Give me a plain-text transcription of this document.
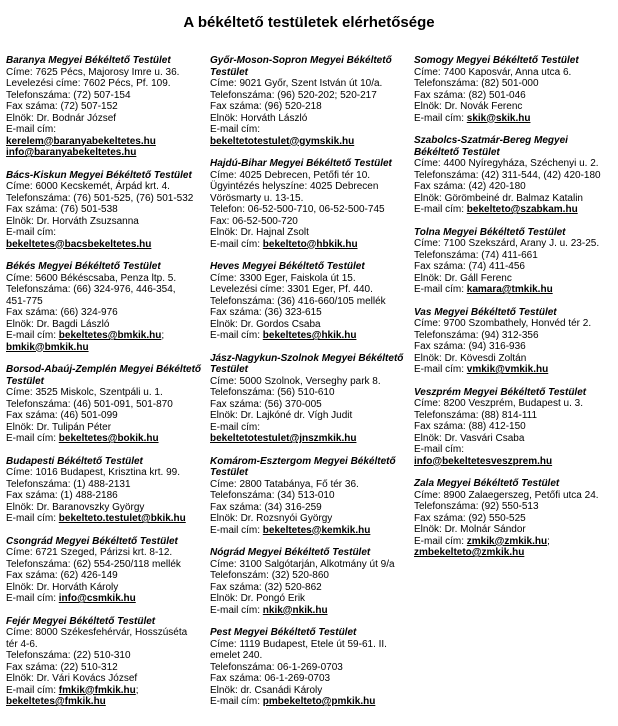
A békéltető testületek elérhetősége
Baranya Megyei Békéltető Testület
Címe: 7625 Pécs, Majorosy Imre u. 36.
Levelezési címe: 7602 Pécs, Pf. 109.
Telefonszáma: (72) 507-154
Fax száma: (72) 507-152
Elnök: Dr. Bodnár József
E-mail cím:
kerelem@baranyabekeltetes.hu
info@baranyabekeltetes.hu
Bács-Kiskun Megyei Békéltető Testület
Címe: 6000 Kecskemét, Árpád krt. 4.
Telefonszáma: (76) 501-525, (76) 501-532
Fax száma: (76) 501-538
Elnök: Dr. Horváth Zsuzsanna
E-mail cím:
bekeltetes@bacsbekeltetes.hu
Békés Megyei Békéltető Testület
Címe: 5600 Békéscsaba, Penza ltp. 5.
Telefonszáma: (66) 324-976, 446-354,
451-775
Fax száma: (66) 324-976
Elnök: Dr. Bagdi László
E-mail cím: bekeltetes@bmkik.hu;
bmkik@bmkik.hu
Borsod-Abaúj-Zemplén Megyei Békéltető Testület
Címe: 3525 Miskolc, Szentpáli u. 1.
Telefonszáma: (46) 501-091, 501-870
Fax száma: (46) 501-099
Elnök: Dr. Tulipán Péter
E-mail cím: bekeltetes@bokik.hu
Budapesti Békéltető Testület
Címe: 1016 Budapest, Krisztina krt. 99.
Telefonszáma: (1) 488-2131
Fax száma: (1) 488-2186
Elnök: Dr. Baranovszky György
E-mail cím: bekelteto.testulet@bkik.hu
Csongrád Megyei Békéltető Testület
Címe: 6721 Szeged, Párizsi krt. 8-12.
Telefonszáma: (62) 554-250/118 mellék
Fax száma: (62) 426-149
Elnök: Dr. Horváth Károly
E-mail cím: info@csmkik.hu
Fejér Megyei Békéltető Testület
Címe: 8000 Székesfehérvár, Hosszúséta
tér 4-6.
Telefonszáma: (22) 510-310
Fax száma: (22) 510-312
Elnök: Dr. Vári Kovács József
E-mail cím: fmkik@fmkik.hu;
bekeltetes@fmkik.hu
Győr-Moson-Sopron Megyei Békéltető Testület
Címe: 9021 Győr, Szent István út 10/a.
Telefonszáma: (96) 520-202; 520-217
Fax száma: (96) 520-218
Elnök: Horváth László
E-mail cím:
bekeltetotestulet@gymskik.hu
Hajdú-Bihar Megyei Békéltető Testület
Címe: 4025 Debrecen, Petőfi tér 10.
Ügyintézés helyszíne: 4025 Debrecen
Vörösmarty u. 13-15.
Telefon: 06-52-500-710, 06-52-500-745
Fax: 06-52-500-720
Elnök: Dr. Hajnal Zsolt
E-mail cím: bekelteto@hbkik.hu
Heves Megyei Békéltető Testület
Címe: 3300 Eger, Faiskola út 15.
Levelezési címe: 3301 Eger, Pf. 440.
Telefonszáma: (36) 416-660/105 mellék
Fax száma: (36) 323-615
Elnök: Dr. Gordos Csaba
E-mail cím: bekeltetes@hkik.hu
Jász-Nagykun-Szolnok Megyei Békéltető Testület
Címe: 5000 Szolnok, Verseghy park 8.
Telefonszáma: (56) 510-610
Fax száma: (56) 370-005
Elnök: Dr. Lajkóné dr. Vígh Judit
E-mail cím:
bekeltetotestulet@jnszmkik.hu
Komárom-Esztergom Megyei Békéltető Testület
Címe: 2800 Tatabánya, Fő tér 36.
Telefonszáma: (34) 513-010
Fax száma: (34) 316-259
Elnök: Dr. Rozsnyói György
E-mail cím: bekeltetes@kemkik.hu
Nógrád Megyei Békéltető Testület
Címe: 3100 Salgótarján, Alkotmány út 9/a
Telefonszám: (32) 520-860
Fax száma: (32) 520-862
Elnök: Dr. Pongó Erik
E-mail cím: nkik@nkik.hu
Pest Megyei Békéltető Testület
Címe: 1119 Budapest, Etele út 59-61. II.
emelet 240.
Telefonszáma: 06-1-269-0703
Fax száma: 06-1-269-0703
Elnök: dr. Csanádi Károly
E-mail cím: pmbekelteto@pmkik.hu
Somogy Megyei Békéltető Testület
Címe: 7400 Kaposvár, Anna utca 6.
Telefonszáma: (82) 501-000
Fax száma: (82) 501-046
Elnök: Dr. Novák Ferenc
E-mail cím: skik@skik.hu
Szabolcs-Szatmár-Bereg Megyei Békéltető Testület
Címe: 4400 Nyíregyháza, Széchenyi u. 2.
Telefonszáma: (42) 311-544, (42) 420-180
Fax száma: (42) 420-180
Elnök: Görömbeiné dr. Balmaz Katalin
E-mail cím: bekelteto@szabkam.hu
Tolna Megyei Békéltető Testület
Címe: 7100 Szekszárd, Arany J. u. 23-25.
Telefonszáma: (74) 411-661
Fax száma: (74) 411-456
Elnök: Dr. Gáll Ferenc
E-mail cím: kamara@tmkik.hu
Vas Megyei Békéltető Testület
Címe: 9700 Szombathely, Honvéd tér 2.
Telefonszáma: (94) 312-356
Fax száma: (94) 316-936
Elnök: Dr. Kövesdi Zoltán
E-mail cím: vmkik@vmkik.hu
Veszprém Megyei Békéltető Testület
Címe: 8200 Veszprém, Budapest u. 3.
Telefonszáma: (88) 814-111
Fax száma: (88) 412-150
Elnök: Dr. Vasvári Csaba
E-mail cím:
info@bekeltetesveszprem.hu
Zala Megyei Békéltető Testület
Címe: 8900 Zalaegerszeg, Petőfi utca 24.
Telefonszáma: (92) 550-513
Fax száma: (92) 550-525
Elnök: Dr. Molnár Sándor
E-mail cím: zmkik@zmkik.hu;
zmbekelteto@zmkik.hu
